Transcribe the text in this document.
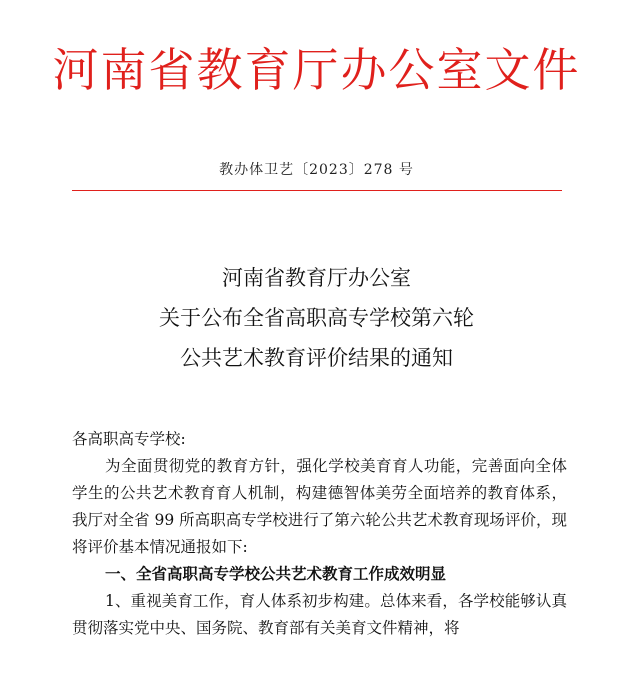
河南省教育厅办公室文件
教办体卫艺〔2023〕278 号
河南省教育厅办公室
关于公布全省高职高专学校第六轮
公共艺术教育评价结果的通知
各高职高专学校:
为全面贯彻党的教育方针，强化学校美育育人功能，完善面向全体学生的公共艺术教育育人机制，构建德智体美劳全面培养的教育体系，我厅对全省 99 所高职高专学校进行了第六轮公共艺术教育现场评价，现将评价基本情况通报如下:
一、全省高职高专学校公共艺术教育工作成效明显
1、重视美育工作，育人体系初步构建。总体来看，各学校能够认真贯彻落实党中央、国务院、教育部有关美育文件精神，将
